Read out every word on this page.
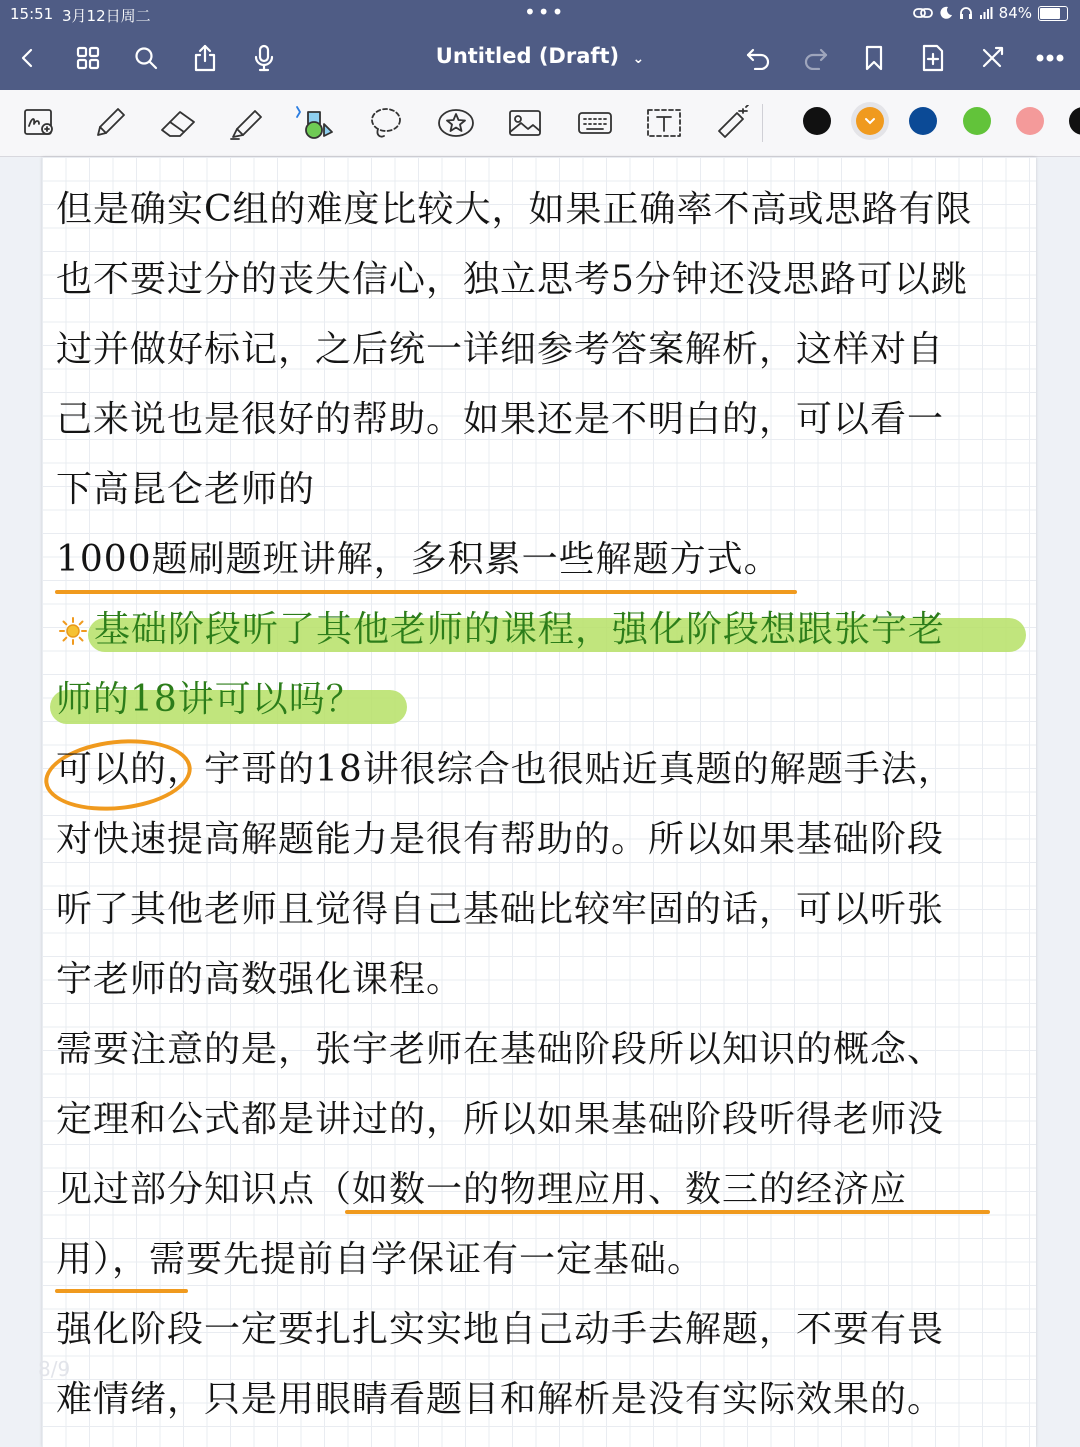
15:51 3月12日周二	•••	84%
Untitled (Draft) ⌄
但是确实C组的难度比较大，如果正确率不高或思路有限
也不要过分的丧失信心，独立思考5分钟还没思路可以跳
过并做好标记，之后统一详细参考答案解析，这样对自
己来说也是很好的帮助。如果还是不明白的，可以看一
下高昆仑老师的
1000题刷题班讲解，多积累一些解题方式。
基础阶段听了其他老师的课程，强化阶段想跟张宇老
师的18讲可以吗？
可以的，宇哥的18讲很综合也很贴近真题的解题手法，
对快速提高解题能力是很有帮助的。所以如果基础阶段
听了其他老师且觉得自己基础比较牢固的话，可以听张
宇老师的高数强化课程。
需要注意的是，张宇老师在基础阶段所以知识的概念、
定理和公式都是讲过的，所以如果基础阶段听得老师没
见过部分知识点（如数一的物理应用、数三的经济应
用），需要先提前自学保证有一定基础。
强化阶段一定要扎扎实实地自己动手去解题，不要有畏
难情绪，只是用眼睛看题目和解析是没有实际效果的。
8/9
